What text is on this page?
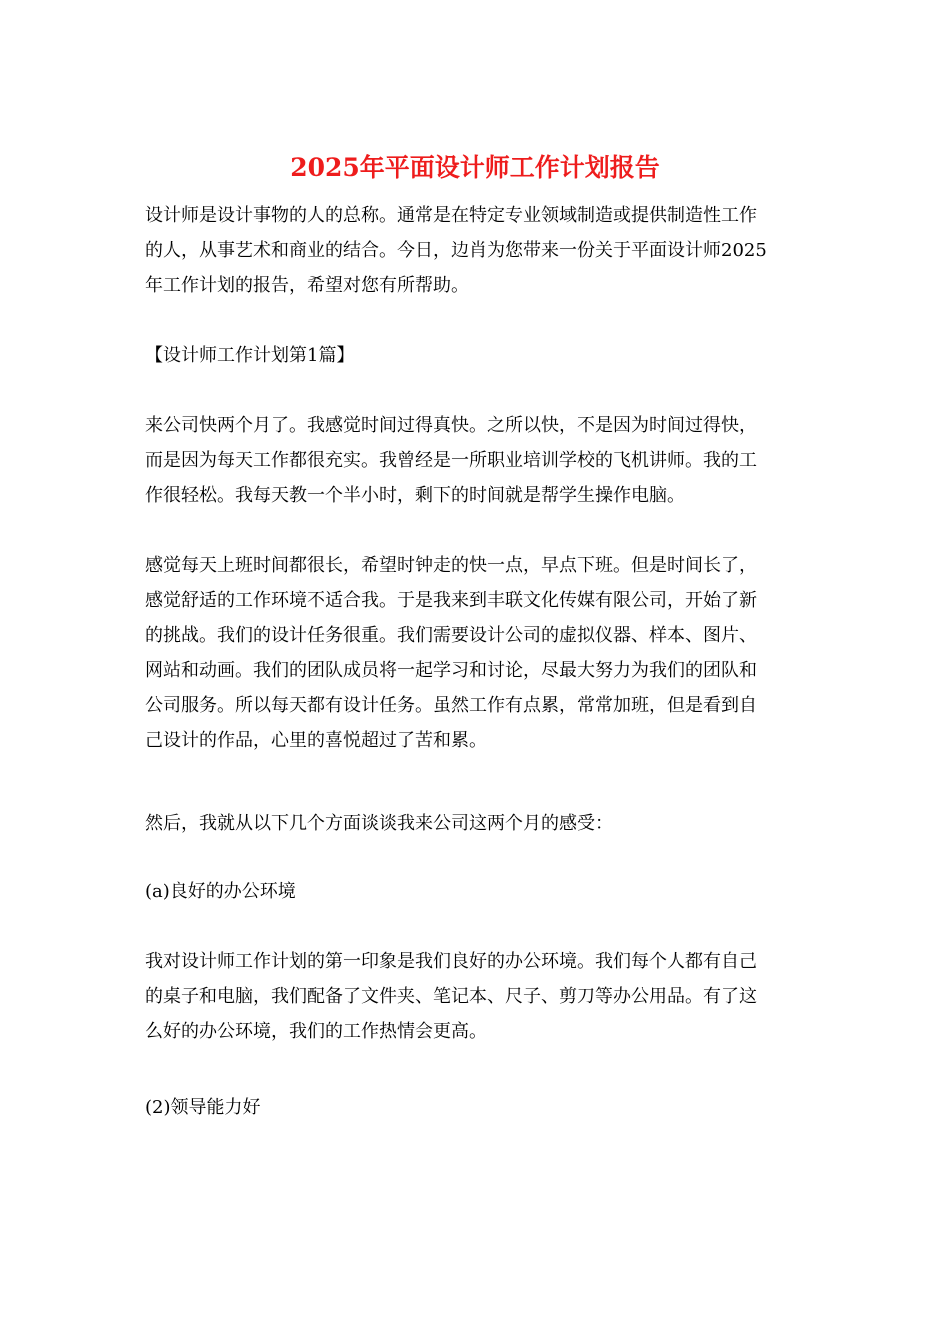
2025年平面设计师工作计划报告

设计师是设计事物的人的总称。通常是在特定专业领域制造或提供制造性工作
的人，从事艺术和商业的结合。今日，边肖为您带来一份关于平面设计师2025
年工作计划的报告，希望对您有所帮助。

【设计师工作计划第1篇】

来公司快两个月了。我感觉时间过得真快。之所以快，不是因为时间过得快，
而是因为每天工作都很充实。我曾经是一所职业培训学校的飞机讲师。我的工
作很轻松。我每天教一个半小时，剩下的时间就是帮学生操作电脑。

感觉每天上班时间都很长，希望时钟走的快一点，早点下班。但是时间长了，
感觉舒适的工作环境不适合我。于是我来到丰联文化传媒有限公司，开始了新
的挑战。我们的设计任务很重。我们需要设计公司的虚拟仪器、样本、图片、
网站和动画。我们的团队成员将一起学习和讨论，尽最大努力为我们的团队和
公司服务。所以每天都有设计任务。虽然工作有点累，常常加班，但是看到自
己设计的作品，心里的喜悦超过了苦和累。

然后，我就从以下几个方面谈谈我来公司这两个月的感受：

(a)良好的办公环境

我对设计师工作计划的第一印象是我们良好的办公环境。我们每个人都有自己
的桌子和电脑，我们配备了文件夹、笔记本、尺子、剪刀等办公用品。有了这
么好的办公环境，我们的工作热情会更高。

(2)领导能力好
